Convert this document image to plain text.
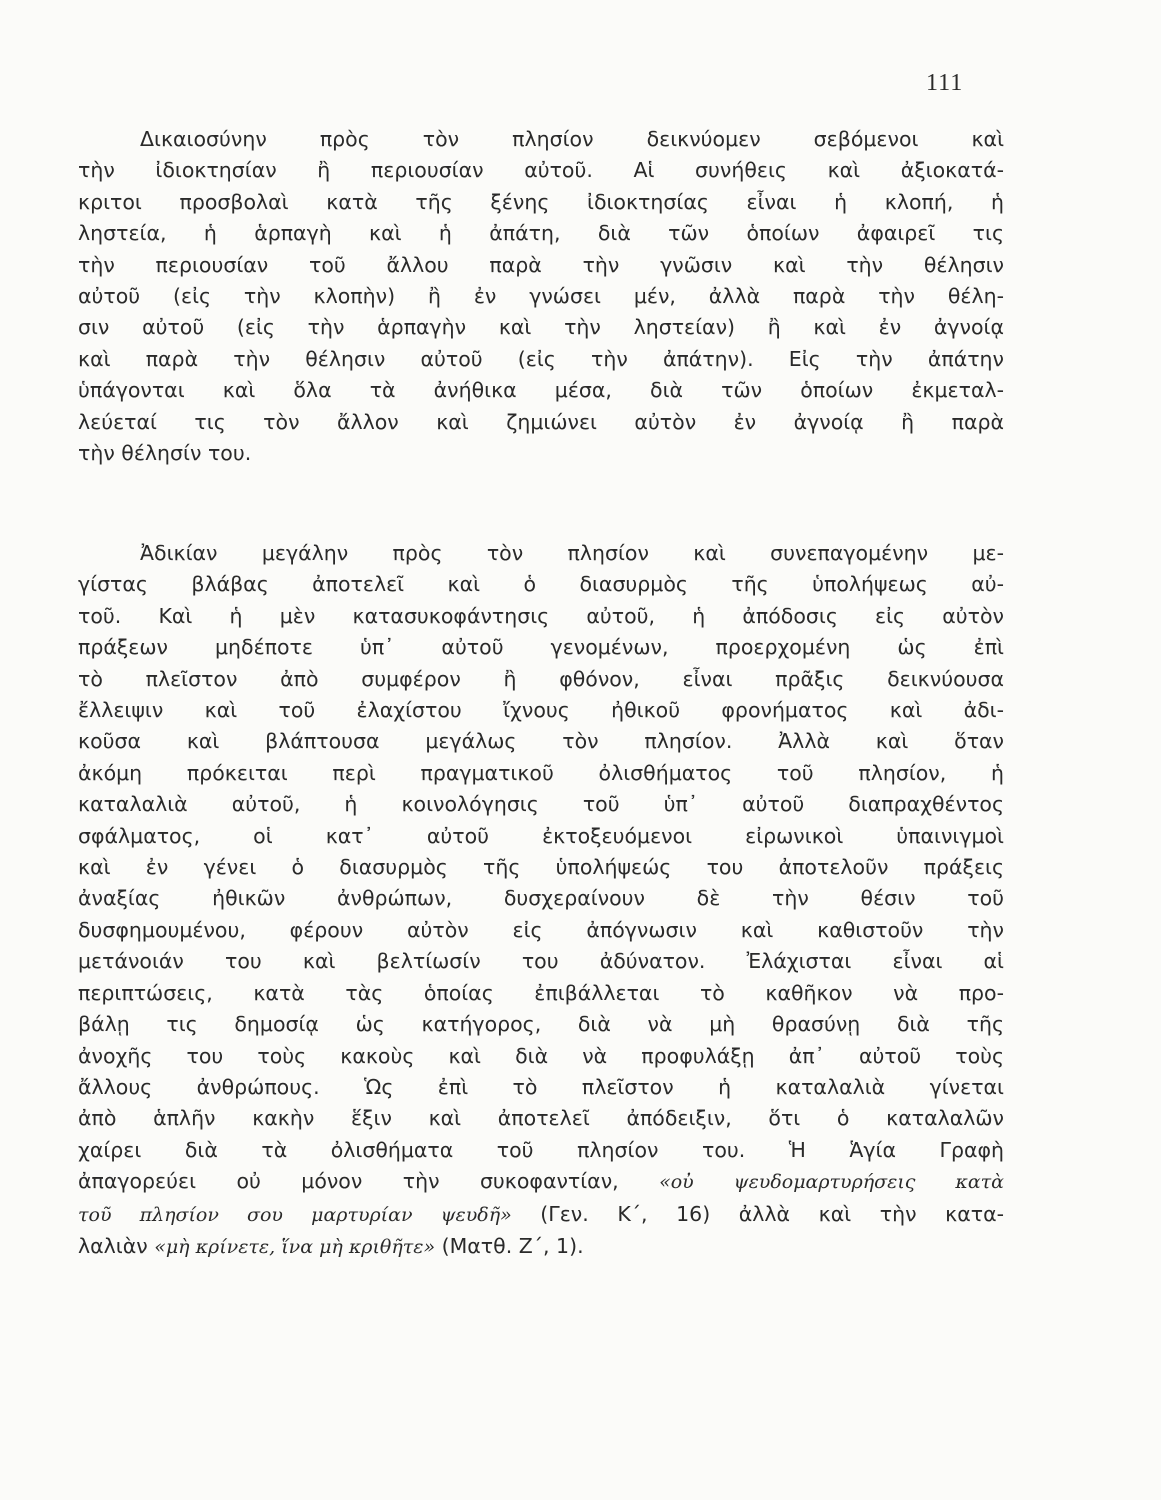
111
Δικαιοσύνην πρὸς τὸν πλησίον δεικνύομεν σεβόμενοι καὶ
τὴν ἰδιοκτησίαν ἢ περιουσίαν αὐτοῦ. Αἱ συνήθεις καὶ ἀξιοκατά-
κριτοι προσβολαὶ κατὰ τῆς ξένης ἰδιοκτησίας εἶναι ἡ κλοπή, ἡ
ληστεία, ἡ ἁρπαγὴ καὶ ἡ ἀπάτη, διὰ τῶν ὁποίων ἀφαιρεῖ τις
τὴν περιουσίαν τοῦ ἄλλου παρὰ τὴν γνῶσιν καὶ τὴν θέλησιν
αὐτοῦ (εἰς τὴν κλοπὴν) ἢ ἐν γνώσει μέν, ἀλλὰ παρὰ τὴν θέλη-
σιν αὐτοῦ (εἰς τὴν ἁρπαγὴν καὶ τὴν ληστείαν) ἢ καὶ ἐν ἀγνοίᾳ
καὶ παρὰ τὴν θέλησιν αὐτοῦ (εἰς τὴν ἀπάτην). Εἰς τὴν ἀπάτην
ὑπάγονται καὶ ὅλα τὰ ἀνήθικα μέσα, διὰ τῶν ὁποίων ἐκμεταλ-
λεύεταί τις τὸν ἄλλον καὶ ζημιώνει αὐτὸν ἐν ἀγνοίᾳ ἢ παρὰ
τὴν θέλησίν του.
Ἀδικίαν μεγάλην πρὸς τὸν πλησίον καὶ συνεπαγομένην με-
γίστας βλάβας ἀποτελεῖ καὶ ὁ διασυρμὸς τῆς ὑπολήψεως αὐ-
τοῦ. Καὶ ἡ μὲν κατασυκοφάντησις αὐτοῦ, ἡ ἀπόδοσις εἰς αὐτὸν
πράξεων μηδέποτε ὑπ᾿ αὐτοῦ γενομένων, προερχομένη ὡς ἐπὶ
τὸ πλεῖστον ἀπὸ συμφέρον ἢ φθόνον, εἶναι πρᾶξις δεικνύουσα
ἔλλειψιν καὶ τοῦ ἐλαχίστου ἴχνους ἠθικοῦ φρονήματος καὶ ἀδι-
κοῦσα καὶ βλάπτουσα μεγάλως τὸν πλησίον. Ἀλλὰ καὶ ὅταν
ἀκόμη πρόκειται περὶ πραγματικοῦ ὀλισθήματος τοῦ πλησίον, ἡ
καταλαλιὰ αὐτοῦ, ἡ κοινολόγησις τοῦ ὑπ᾿ αὐτοῦ διαπραχθέντος
σφάλματος, οἱ κατ᾿ αὐτοῦ ἐκτοξευόμενοι εἰρωνικοὶ ὑπαινιγμοὶ
καὶ ἐν γένει ὁ διασυρμὸς τῆς ὑπολήψεώς του ἀποτελοῦν πράξεις
ἀναξίας ἠθικῶν ἀνθρώπων, δυσχεραίνουν δὲ τὴν θέσιν τοῦ
δυσφημουμένου, φέρουν αὐτὸν εἰς ἀπόγνωσιν καὶ καθιστοῦν τὴν
μετάνοιάν του καὶ βελτίωσίν του ἀδύνατον. Ἐλάχισται εἶναι αἱ
περιπτώσεις, κατὰ τὰς ὁποίας ἐπιβάλλεται τὸ καθῆκον νὰ προ-
βάλῃ τις δημοσίᾳ ὡς κατήγορος, διὰ νὰ μὴ θρασύνῃ διὰ τῆς
ἀνοχῆς του τοὺς κακοὺς καὶ διὰ νὰ προφυλάξῃ ἀπ᾿ αὐτοῦ τοὺς
ἄλλους ἀνθρώπους. Ὡς ἐπὶ τὸ πλεῖστον ἡ καταλαλιὰ γίνεται
ἀπὸ ἁπλῆν κακὴν ἕξιν καὶ ἀποτελεῖ ἀπόδειξιν, ὅτι ὁ καταλαλῶν
χαίρει διὰ τὰ ὀλισθήματα τοῦ πλησίον του. Ἡ Ἁγία Γραφὴ
ἀπαγορεύει οὐ μόνον τὴν συκοφαντίαν, «οὐ ψευδομαρτυρήσεις κατὰ
τοῦ πλησίον σου μαρτυρίαν ψευδῆ» (Γεν. Κ΄, 16) ἀλλὰ καὶ τὴν κατα-
λαλιὰν «μὴ κρίνετε, ἵνα μὴ κριθῆτε» (Ματθ. Ζ΄, 1).
